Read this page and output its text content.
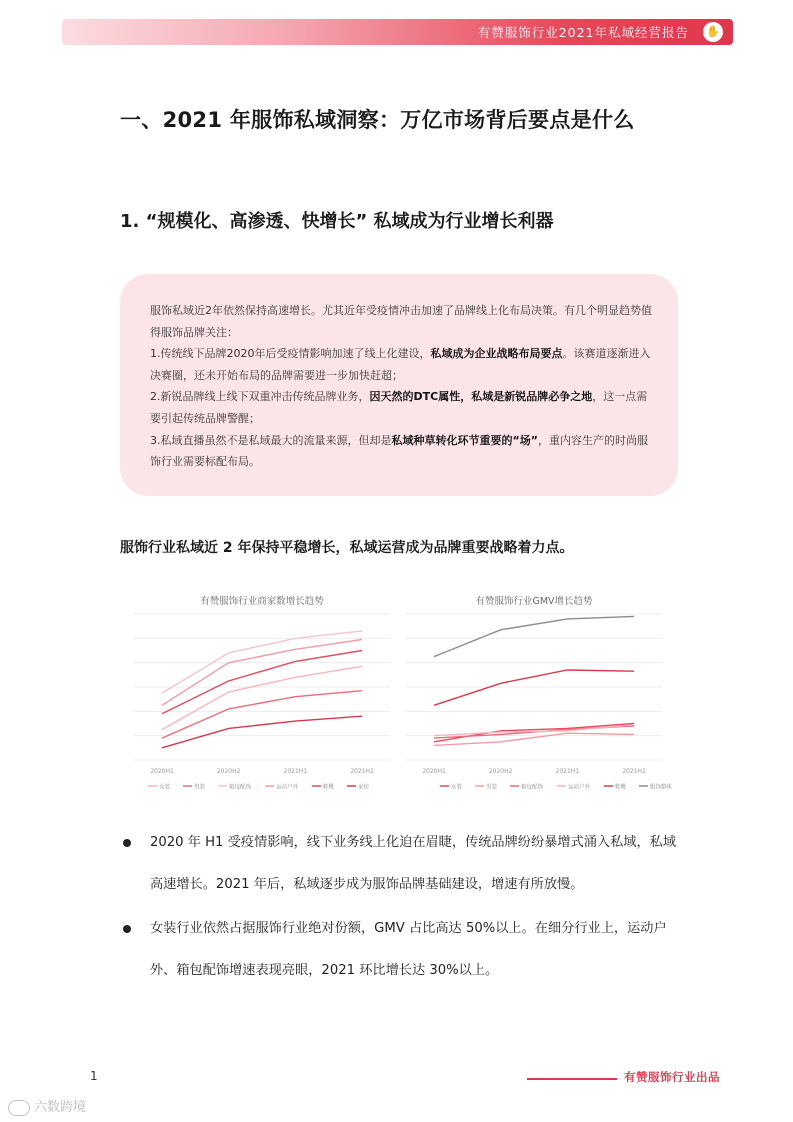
有赞服饰行业2021年私域经营报告 ✋
一、2021 年服饰私域洞察：万亿市场背后要点是什么
1. “规模化、高渗透、快增长” 私域成为行业增长利器

服饰私域近2年依然保持高速增长。尤其近年受疫情冲击加速了品牌线上化布局决策。有几个明显趋势值得服饰品牌关注：
1.传统线下品牌2020年后受疫情影响加速了线上化建设，私域成为企业战略布局要点。该赛道逐渐进入决赛圈，还未开始布局的品牌需要进一步加快赶超；
2.新锐品牌线上线下双重冲击传统品牌业务，因天然的DTC属性，私域是新锐品牌必争之地，这一点需要引起传统品牌警醒；
3.私域直播虽然不是私域最大的流量来源，但却是私域种草转化环节重要的“场”，重内容生产的时尚服饰行业需要标配布局。

服饰行业私域近 2 年保持平稳增长，私域运营成为品牌重要战略着力点。

有赞服饰行业商家数增长趋势
2020H1	2020H2	2021H1	2021H2
女装	男装	箱包配饰	运动户外	鞋靴	家纺
有赞服饰行业GMV增长趋势
2020H1	2020H2	2021H1	2021H2
女装	男装	箱包配饰	运动户外	鞋靴	服饰整体
2020 年 H1 受疫情影响，线下业务线上化迫在眉睫，传统品牌纷纷暴增式涌入私域，私域高速增长。2021 年后，私域逐步成为服饰品牌基础建设，增速有所放慢。
女装行业依然占据服饰行业绝对份额，GMV 占比高达 50%以上。在细分行业上，运动户外、箱包配饰增速表现亮眼，2021 环比增长达 30%以上。
1	有赞服饰行业出品
六数跨境
